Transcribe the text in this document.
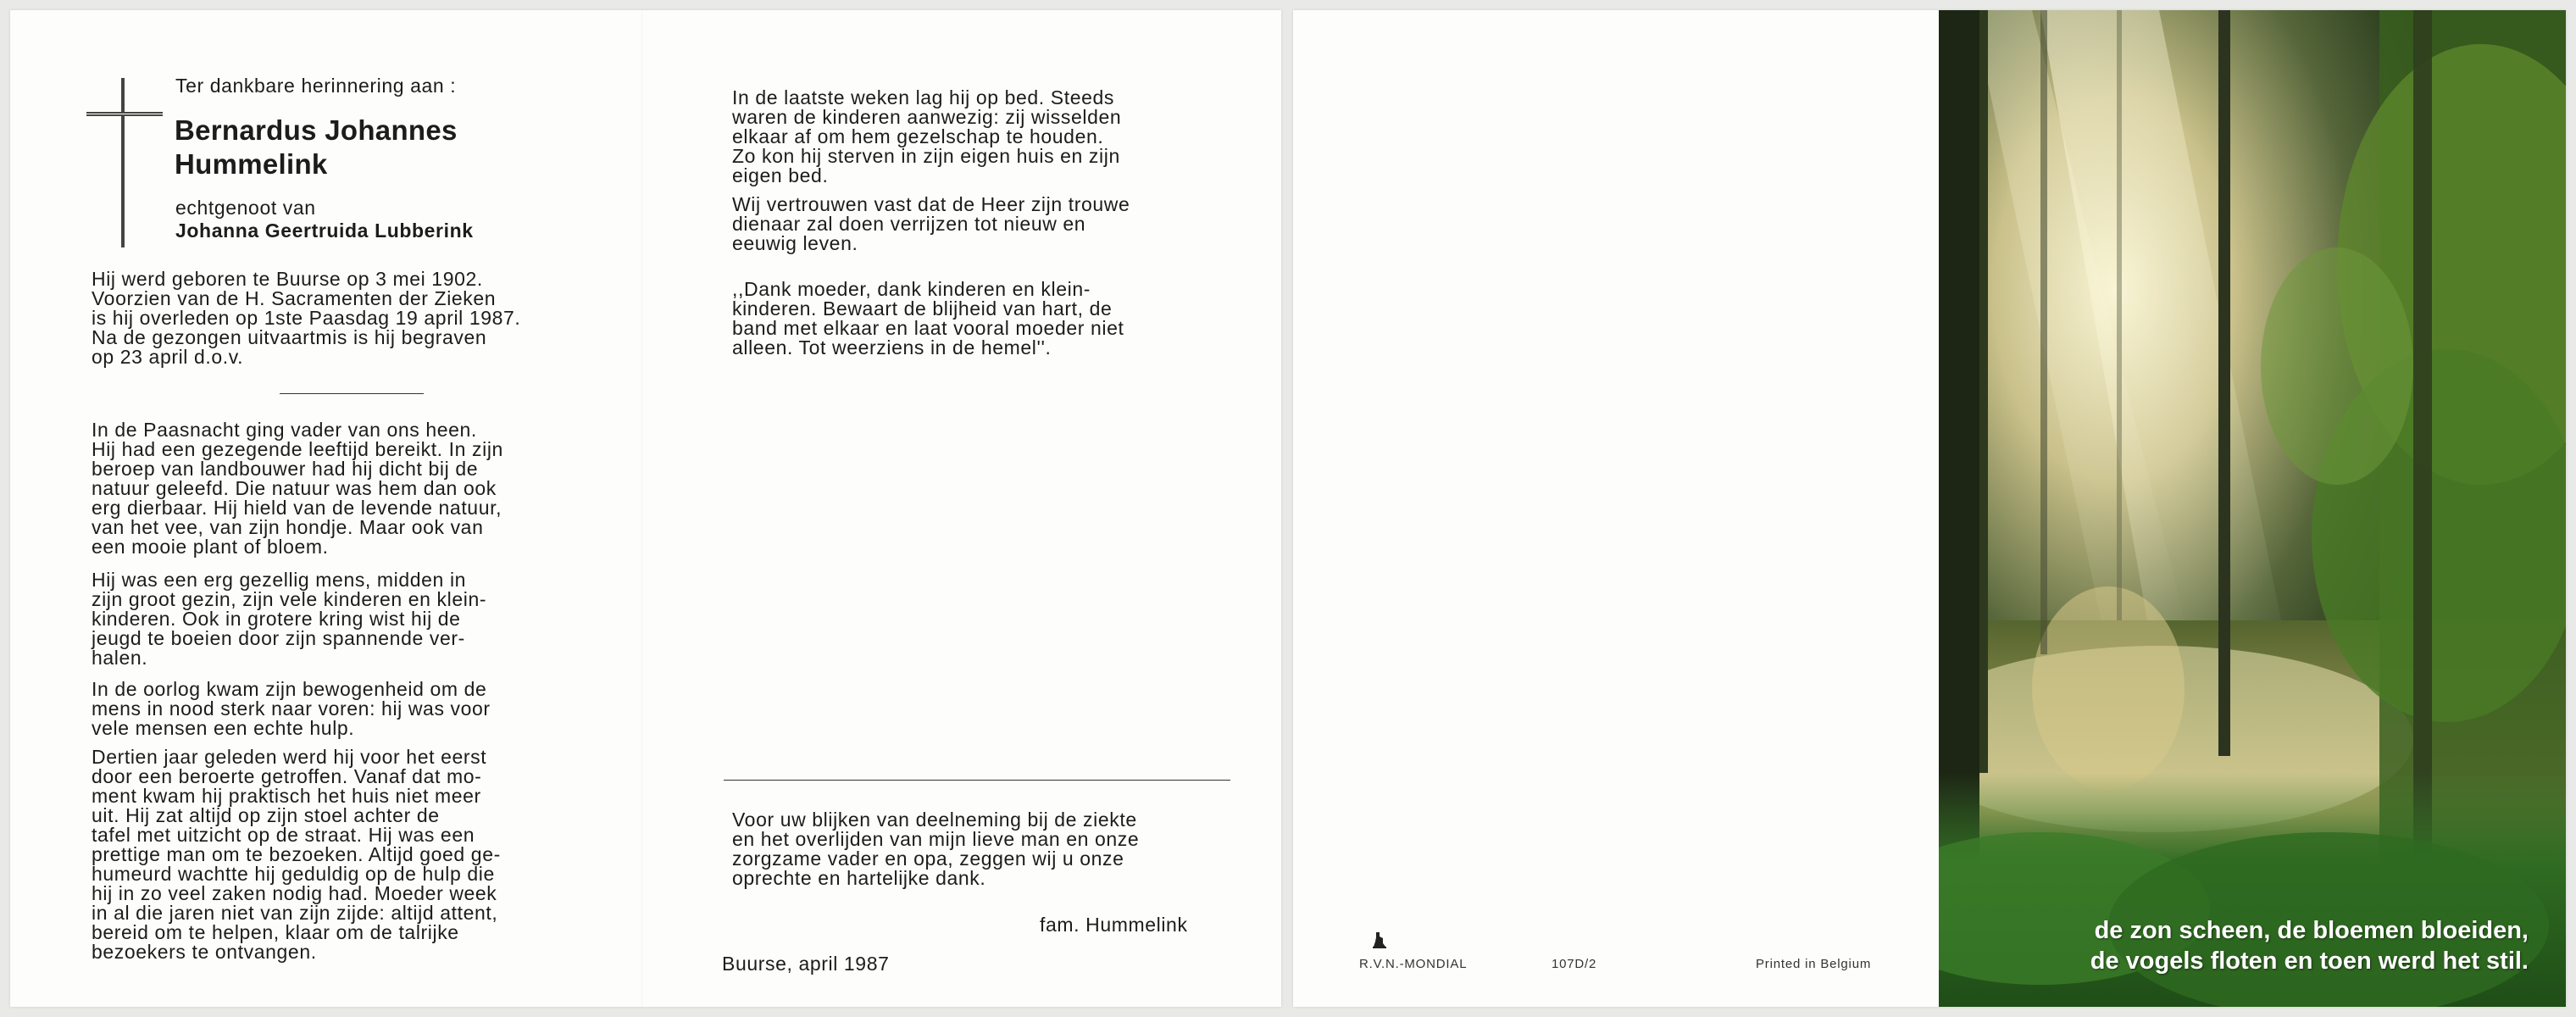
Ter dankbare herinnering aan :

Bernardus Johannes

Hummelink

echtgenoot van

Johanna Geertruida Lubberink

Hij werd geboren te Buurse op 3 mei 1902.
Voorzien van de H. Sacramenten der Zieken
is hij overleden op 1ste Paasdag 19 april 1987.
Na de gezongen uitvaartmis is hij begraven
op 23 april d.o.v.

In de Paasnacht ging vader van ons heen.
Hij had een gezegende leeftijd bereikt. In zijn
beroep van landbouwer had hij dicht bij de
natuur geleefd. Die natuur was hem dan ook
erg dierbaar. Hij hield van de levende natuur,
van het vee, van zijn hondje. Maar ook van
een mooie plant of bloem.

Hij was een erg gezellig mens, midden in
zijn groot gezin, zijn vele kinderen en klein-
kinderen. Ook in grotere kring wist hij de
jeugd te boeien door zijn spannende ver-
halen.

In de oorlog kwam zijn bewogenheid om de
mens in nood sterk naar voren: hij was voor
vele mensen een echte hulp.

Dertien jaar geleden werd hij voor het eerst
door een beroerte getroffen. Vanaf dat mo-
ment kwam hij praktisch het huis niet meer
uit. Hij zat altijd op zijn stoel achter de
tafel met uitzicht op de straat. Hij was een
prettige man om te bezoeken. Altijd goed ge-
humeurd wachtte hij geduldig op de hulp die
hij in zo veel zaken nodig had. Moeder week
in al die jaren niet van zijn zijde: altijd attent,
bereid om te helpen, klaar om de talrijke
bezoekers te ontvangen.

In de laatste weken lag hij op bed. Steeds
waren de kinderen aanwezig: zij wisselden
elkaar af om hem gezelschap te houden.
Zo kon hij sterven in zijn eigen huis en zijn
eigen bed.

Wij vertrouwen vast dat de Heer zijn trouwe
dienaar zal doen verrijzen tot nieuw en
eeuwig leven.

,,Dank moeder, dank kinderen en klein-
kinderen. Bewaart de blijheid van hart, de
band met elkaar en laat vooral moeder niet
alleen. Tot weerziens in de hemel''.

Voor uw blijken van deelneming bij de ziekte
en het overlijden van mijn lieve man en onze
zorgzame vader en opa, zeggen wij u onze
oprechte en hartelijke dank.

fam. Hummelink

Buurse, april 1987	R.V.N.-MONDIAL	107D/2	Printed in Belgium
de zon scheen, de bloemen bloeiden,
de vogels floten en toen werd het stil.
